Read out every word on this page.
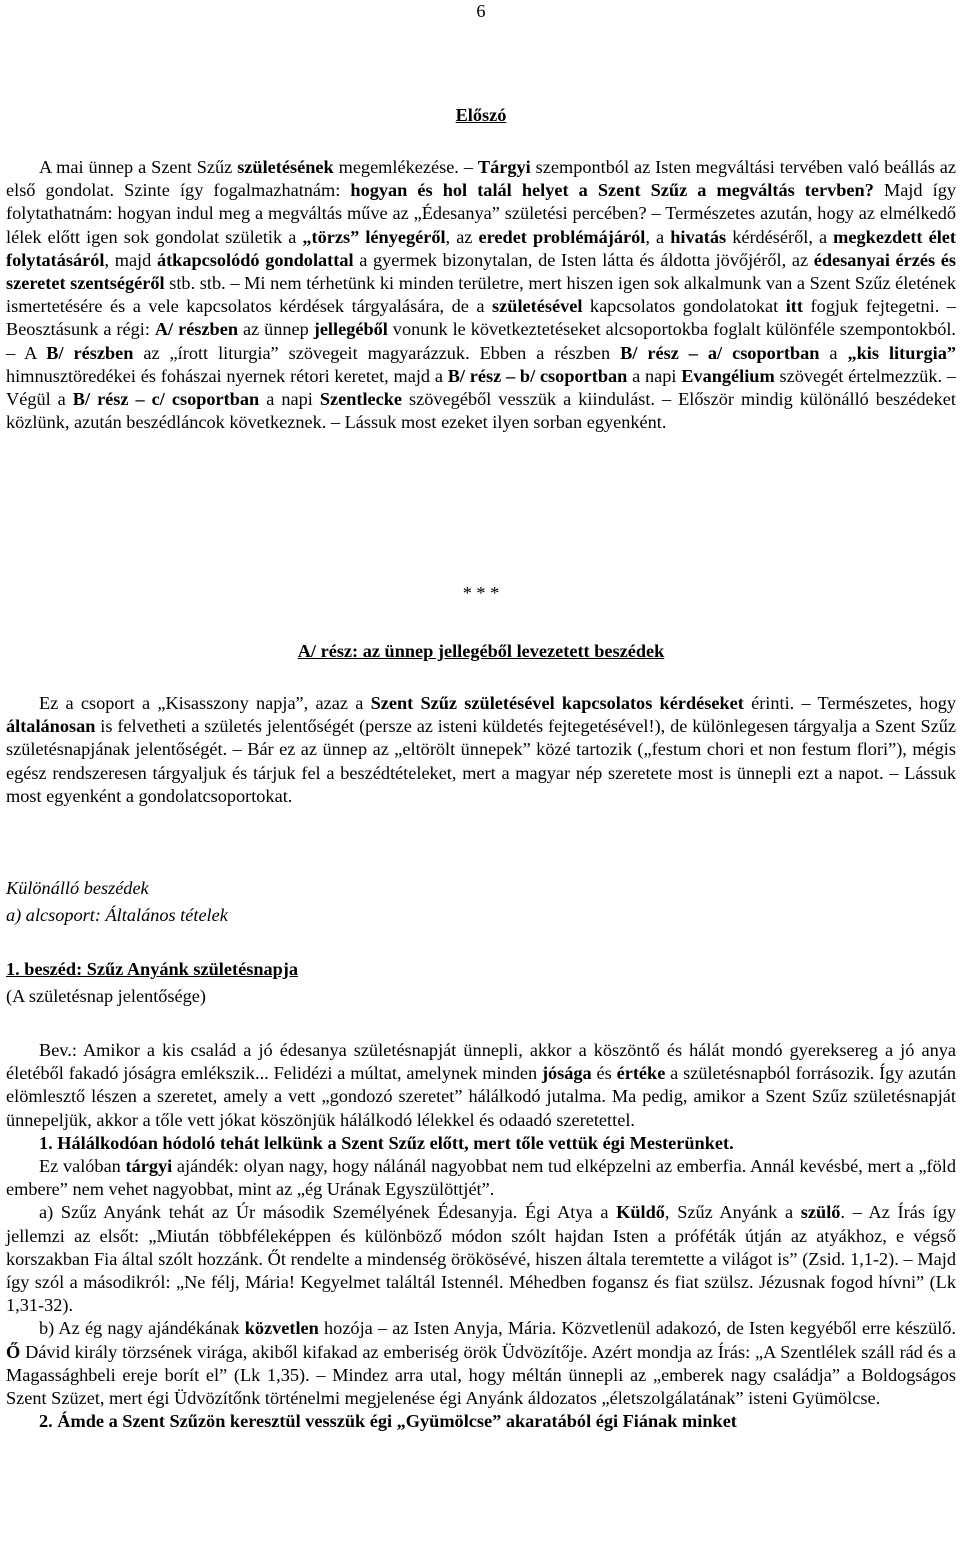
6
Előszó

A mai ünnep a Szent Szűz születésének megemlékezése. – Tárgyi szempontból az Isten megváltási tervében való beállás az első gondolat. Szinte így fogalmazhatnám: hogyan és hol talál helyet a Szent Szűz a megváltás tervben? Majd így folytathatnám: hogyan indul meg a megváltás műve az „Édesanya” születési percében? – Természetes azután, hogy az elmélkedő lélek előtt igen sok gondolat születik a „törzs” lényegéről, az eredet problémájáról, a hivatás kérdéséről, a megkezdett élet folytatásáról, majd átkapcsolódó gondolattal a gyermek bizonytalan, de Isten látta és áldotta jövőjéről, az édesanyai érzés és szeretet szentségéről stb. stb. – Mi nem térhetünk ki minden területre, mert hiszen igen sok alkalmunk van a Szent Szűz életének ismertetésére és a vele kapcsolatos kérdések tárgyalására, de a születésével kapcsolatos gondolatokat itt fogjuk fejtegetni. – Beosztásunk a régi: A/ részben az ünnep jellegéből vonunk le következtetéseket alcsoportokba foglalt különféle szempontokból. – A B/ részben az „írott liturgia” szövegeit magyarázzuk. Ebben a részben B/ rész – a/ csoportban a „kis liturgia” himnusztöredékei és fohászai nyernek rétori keretet, majd a B/ rész – b/ csoportban a napi Evangélium szövegét értelmezzük. – Végül a B/ rész – c/ csoportban a napi Szentlecke szövegéből vesszük a kiindulást. – Először mindig különálló beszédeket közlünk, azután beszédláncok következnek. – Lássuk most ezeket ilyen sorban egyenként.

* * *
A/ rész: az ünnep jellegéből levezetett beszédek

Ez a csoport a „Kisasszony napja”, azaz a Szent Szűz születésével kapcsolatos kérdéseket érinti. – Természetes, hogy általánosan is felvetheti a születés jelentőségét (persze az isteni küldetés fejtegetésével!), de különlegesen tárgyalja a Szent Szűz születésnapjának jelentőségét. – Bár ez az ünnep az „eltörölt ünnepek” közé tartozik („festum chori et non festum flori”), mégis egész rendszeresen tárgyaljuk és tárjuk fel a beszédtételeket, mert a magyar nép szeretete most is ünnepli ezt a napot. – Lássuk most egyenként a gondolatcsoportokat.

Különálló beszédek
a) alcsoport: Általános tételek
1. beszéd: Szűz Anyánk születésnapja
(A születésnap jelentősége)

Bev.: Amikor a kis család a jó édesanya születésnapját ünnepli, akkor a köszöntő és hálát mondó gyereksereg a jó anya életéből fakadó jóságra emlékszik... Felidézi a múltat, amelynek minden jósága és értéke a születésnapból forrásozik. Így azután elömlesztő lészen a szeretet, amely a vett „gondozó szeretet” hálálkodó jutalma. Ma pedig, amikor a Szent Szűz születésnapját ünnepeljük, akkor a tőle vett jókat köszönjük hálálkodó lélekkel és odaadó szeretettel.

1. Hálálkodóan hódoló tehát lelkünk a Szent Szűz előtt, mert tőle vettük égi Mesterünket.

Ez valóban tárgyi ajándék: olyan nagy, hogy nálánál nagyobbat nem tud elképzelni az emberfia. Annál kevésbé, mert a „föld embere” nem vehet nagyobbat, mint az „ég Urának Egyszülöttjét”.

a) Szűz Anyánk tehát az Úr második Személyének Édesanyja. Égi Atya a Küldő, Szűz Anyánk a szülő. – Az Írás így jellemzi az elsőt: „Miután többféleképpen és különböző módon szólt hajdan Isten a próféták útján az atyákhoz, e végső korszakban Fia által szólt hozzánk. Őt rendelte a mindenség örökösévé, hiszen általa teremtette a világot is” (Zsid. 1,1-2). – Majd így szól a másodikról: „Ne félj, Mária! Kegyelmet találtál Istennél. Méhedben fogansz és fiat szülsz. Jézusnak fogod hívni” (Lk 1,31-32).

b) Az ég nagy ajándékának közvetlen hozója – az Isten Anyja, Mária. Közvetlenül adakozó, de Isten kegyéből erre készülő. Ő Dávid király törzsének virága, akiből kifakad az emberiség örök Üdvözítője. Azért mondja az Írás: „A Szentlélek száll rád és a Magassághbeli ereje borít el” (Lk 1,35). – Mindez arra utal, hogy méltán ünnepli az „emberek nagy családja” a Boldogságos Szent Szüzet, mert égi Üdvözítőnk történelmi megjelenése égi Anyánk áldozatos „életszolgálatának” isteni Gyümölcse.

2. Ámde a Szent Szűzön keresztül vesszük égi „Gyümölcse” akaratából égi Fiának minket
